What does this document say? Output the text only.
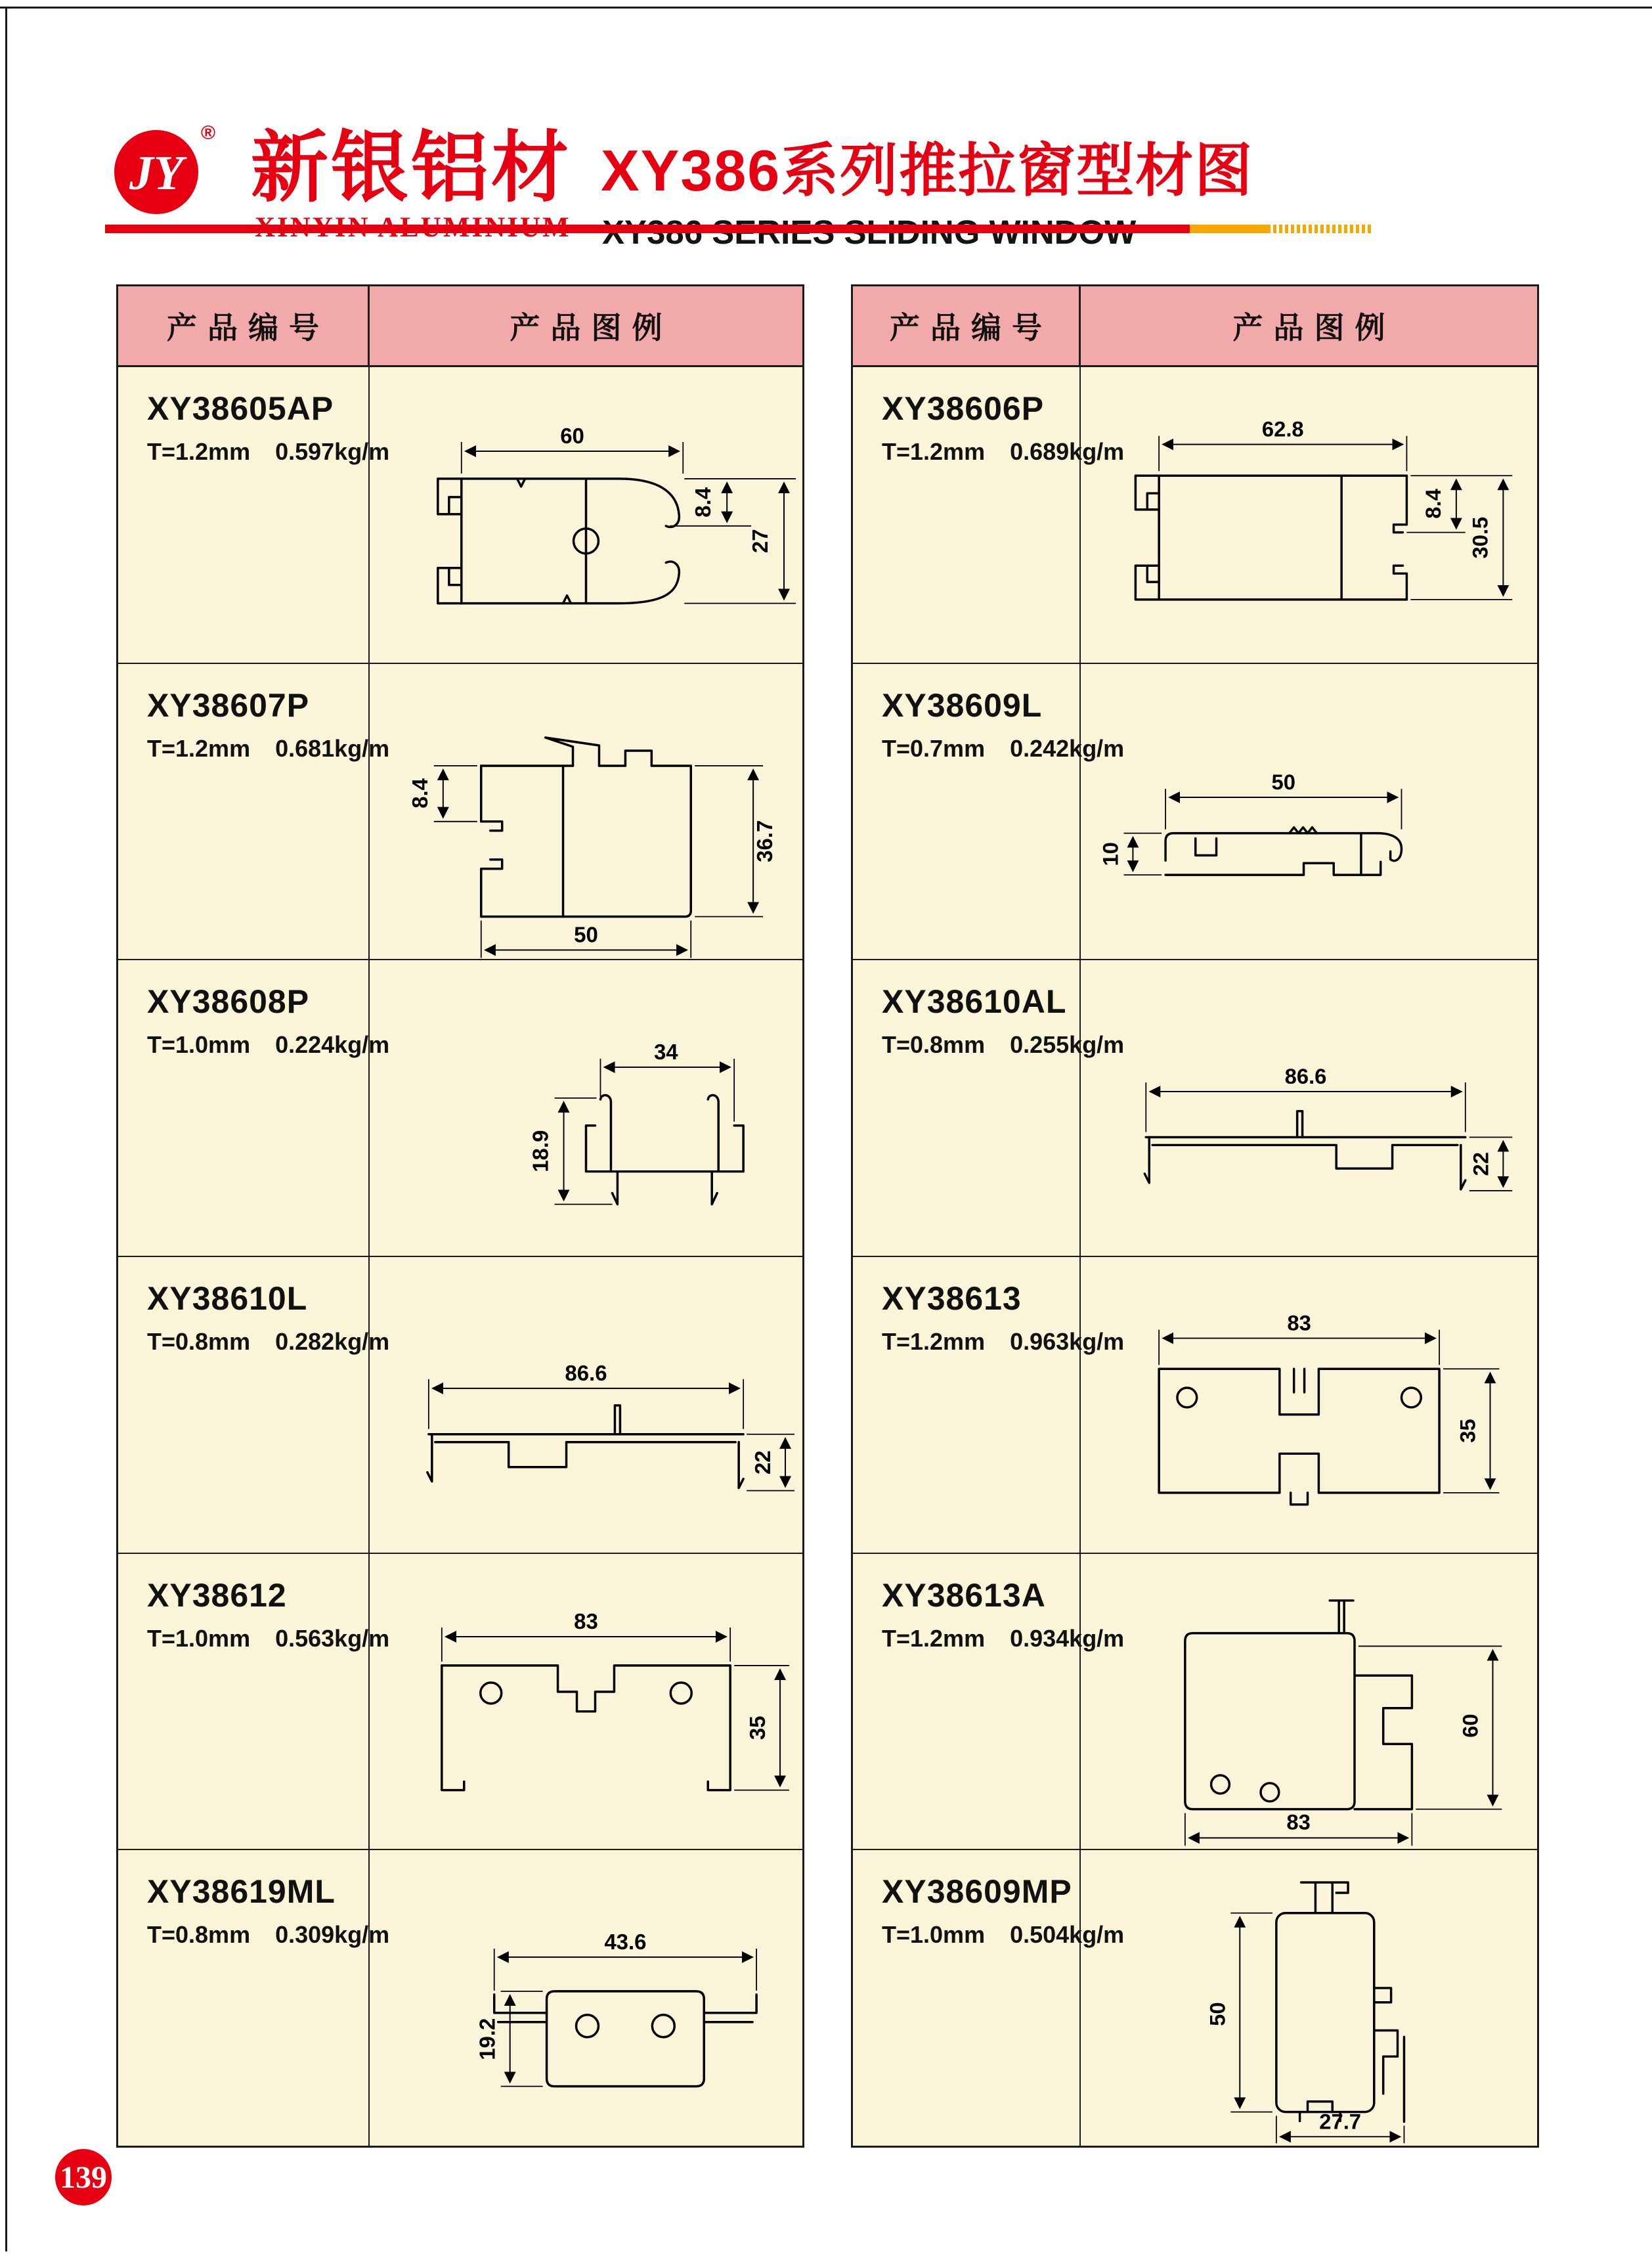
JY
® 新银铝材 XY386系列推拉窗型材图
产品编号	产品图例
XY38605AP
T=1.2mm 0.597kg/m
60
8.4
27
XY38607P
T=1.2mm 0.681kg/m
8.4
36.7
50
XY38608P
T=1.0mm 0.224kg/m	34
18.9
XY38610L
T=0.8mm 0.282kg/m
86.6
22
XY38612
T=1.0mm 0.563kg/m
83
35
XY38619ML
T=0.8mm 0.309kg/m	43.6
19.2
产品编号	产品图例
XY38606P
T=1.2mm 0.689kg/m
62.8
8.4
30.5
XY38609L
T=0.7mm 0.242kg/m
50
10
XY38610AL
T=0.8mm 0.255kg/m
86.6
22
XY38613
T=1.2mm 0.963kg/m
83
35
XY38613A
T=1.2mm 0.934kg/m
60
83
XY38609MP
T=1.0mm 0.504kg/m
50
27.7
139
